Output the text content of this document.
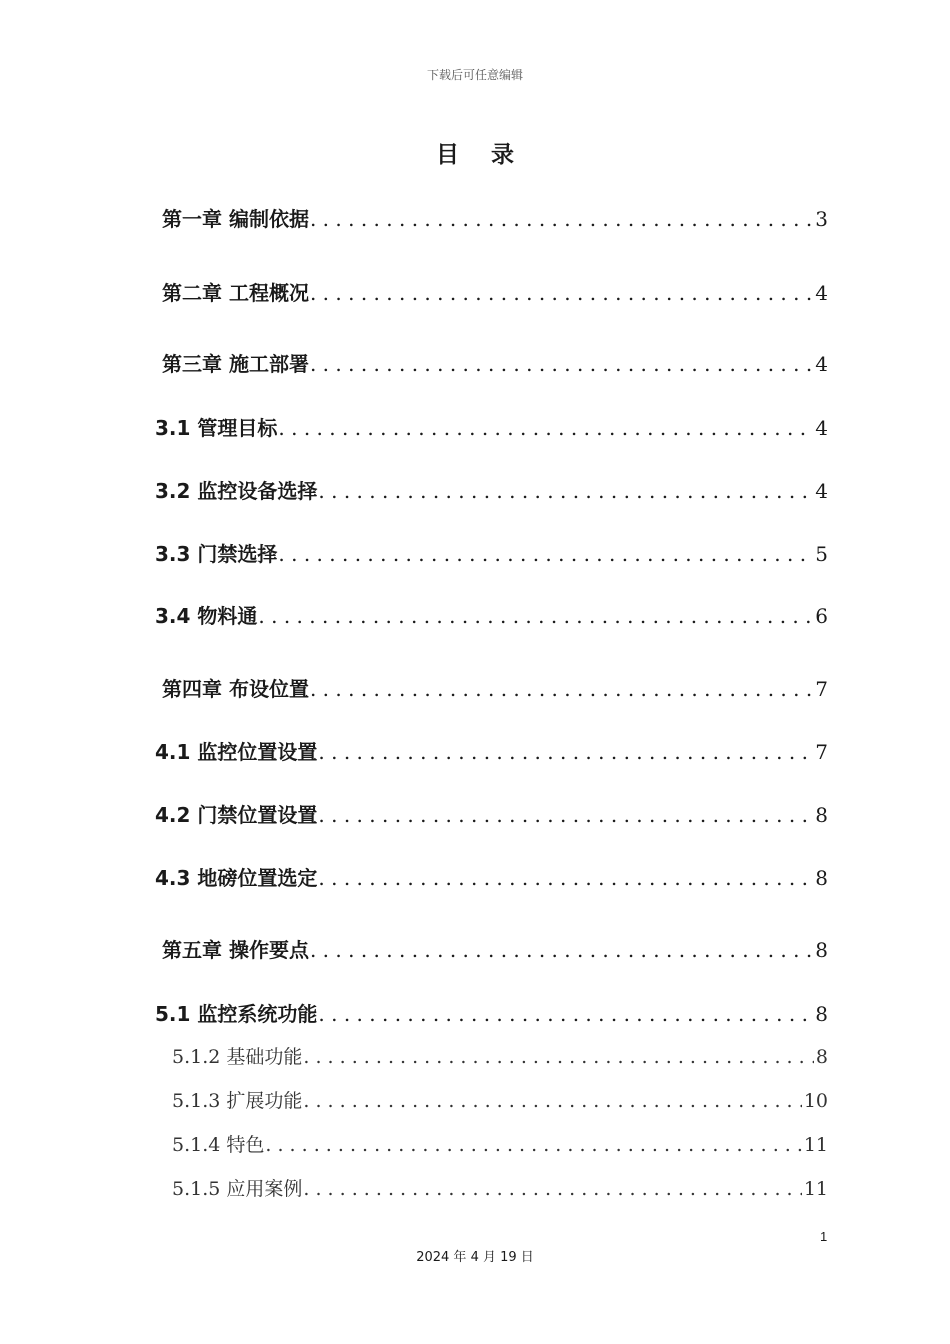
下载后可任意编辑
目 录
第一章 编制依据 . . .	3
第二章 工程概况 . . .	4
第三章 施工部署 . . .	4
3.1 管理目标 . . .	4
3.2 监控设备选择 . . .	4
3.3 门禁选择 . . .	5
3.4 物料通 . . .	6
第四章 布设位置 . . .	7
4.1 监控位置设置 . . .	7
4.2 门禁位置设置 . . .	8
4.3 地磅位置选定 . . .	8
第五章 操作要点 . . .	8
5.1 监控系统功能 . . .	8
5.1.2 基础功能 . . .	8
5.1.3 扩展功能 . . .	10
5.1.4 特色 . . .	11
5.1.5 应用案例 . . .	11
1
2024 年 4 月 19 日
